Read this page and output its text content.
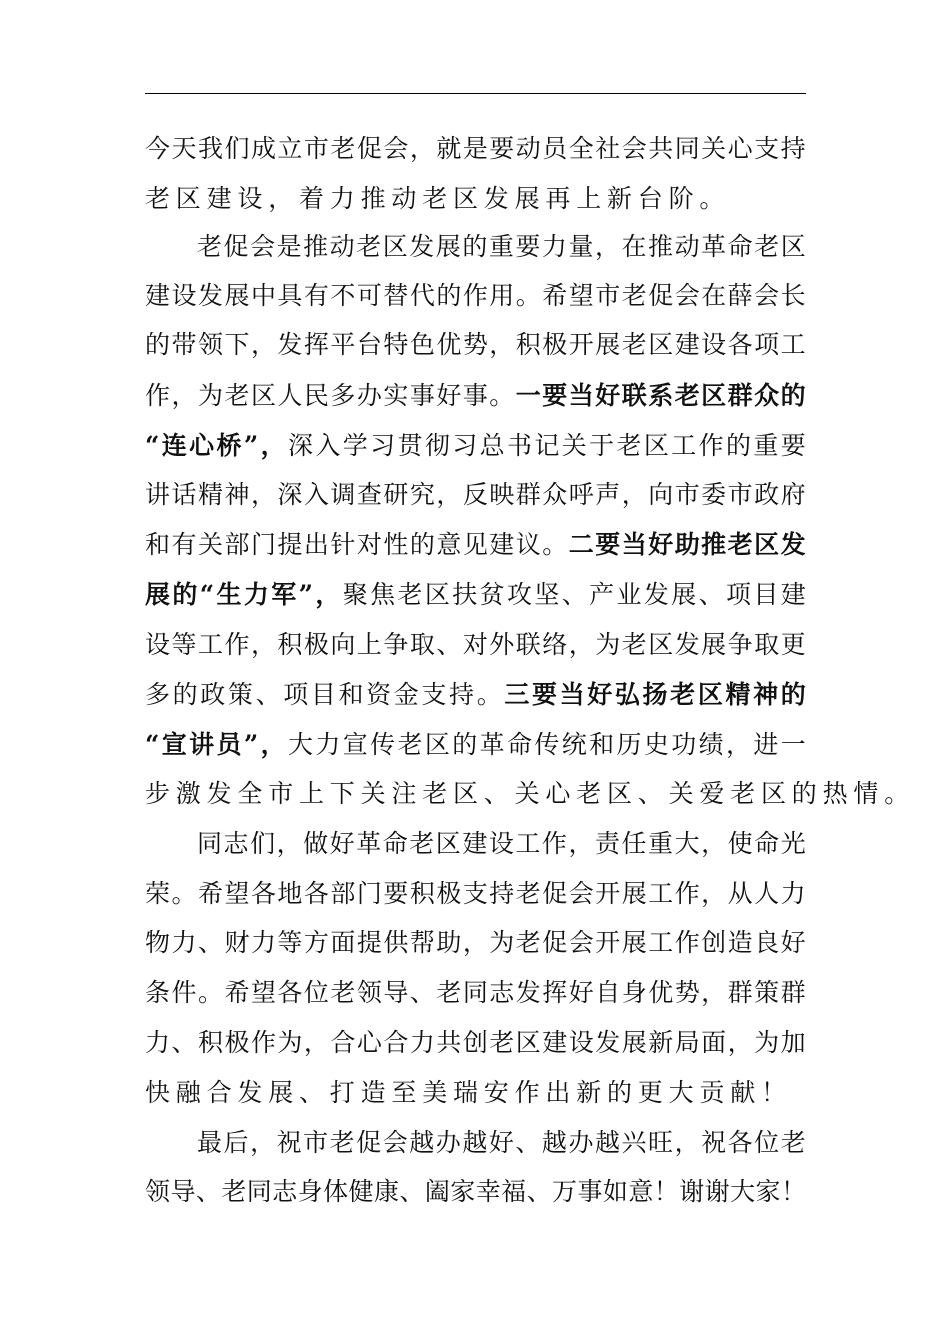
今 天 我 们 成 立 市 老 促 会 ， 就 是 要 动 员 全 社 会 共 同 关 心 支 持
老区建设，着力推动老区发展再上新台阶。
老 促 会 是 推 动 老 区 发 展 的 重 要 力 量 ， 在 推 动 革 命 老 区
建 设 发 展 中 具 有 不 可 替 代 的 作 用 。 希 望 市 老 促 会 在 薛 会 长
的 带 领 下 ， 发 挥 平 台 特 色 优 势 ， 积 极 开 展 老 区 建 设 各 项 工
作 ， 为 老 区 人 民 多 办 实 事 好 事 。 一 要 当 好 联 系 老 区 群 众 的
“ 连 心 桥 ” ， 深 入 学 习 贯 彻 习 总 书 记 关 于 老 区 工 作 的 重 要
讲 话 精 神 ， 深 入 调 查 研 究 ， 反 映 群 众 呼 声 ， 向 市 委 市 政 府
和 有 关 部 门 提 出 针 对 性 的 意 见 建 议 。 二 要 当 好 助 推 老 区 发
展 的 “ 生 力 军 ” ， 聚 焦 老 区 扶 贫 攻 坚 、 产 业 发 展 、 项 目 建
设 等 工 作 ， 积 极 向 上 争 取 、 对 外 联 络 ， 为 老 区 发 展 争 取 更
多 的 政 策 、 项 目 和 资 金 支 持 。 三 要 当 好 弘 扬 老 区 精 神 的
“ 宣 讲 员 ” ， 大 力 宣 传 老 区 的 革 命 传 统 和 历 史 功 绩 ， 进 一
步激发全市上下关注老区、关心老区、关爱老区的热情。
同 志 们 ， 做 好 革 命 老 区 建 设 工 作 ， 责 任 重 大 ， 使 命 光
荣 。 希 望 各 地 各 部 门 要 积 极 支 持 老 促 会 开 展 工 作 ， 从 人 力
物 力 、 财 力 等 方 面 提 供 帮 助 ， 为 老 促 会 开 展 工 作 创 造 良 好
条 件 。 希 望 各 位 老 领 导 、 老 同 志 发 挥 好 自 身 优 势 ， 群 策 群
力 、 积 极 作 为 ， 合 心 合 力 共 创 老 区 建 设 发 展 新 局 面 ， 为 加
快融合发展、打造至美瑞安作出新的更大贡献！
最 后 ， 祝 市 老 促 会 越 办 越 好 、 越 办 越 兴 旺 ， 祝 各 位 老
领 导 、 老 同 志 身 体 健 康 、 阖 家 幸 福 、 万 事 如 意 ！ 谢 谢 大 家 ！
